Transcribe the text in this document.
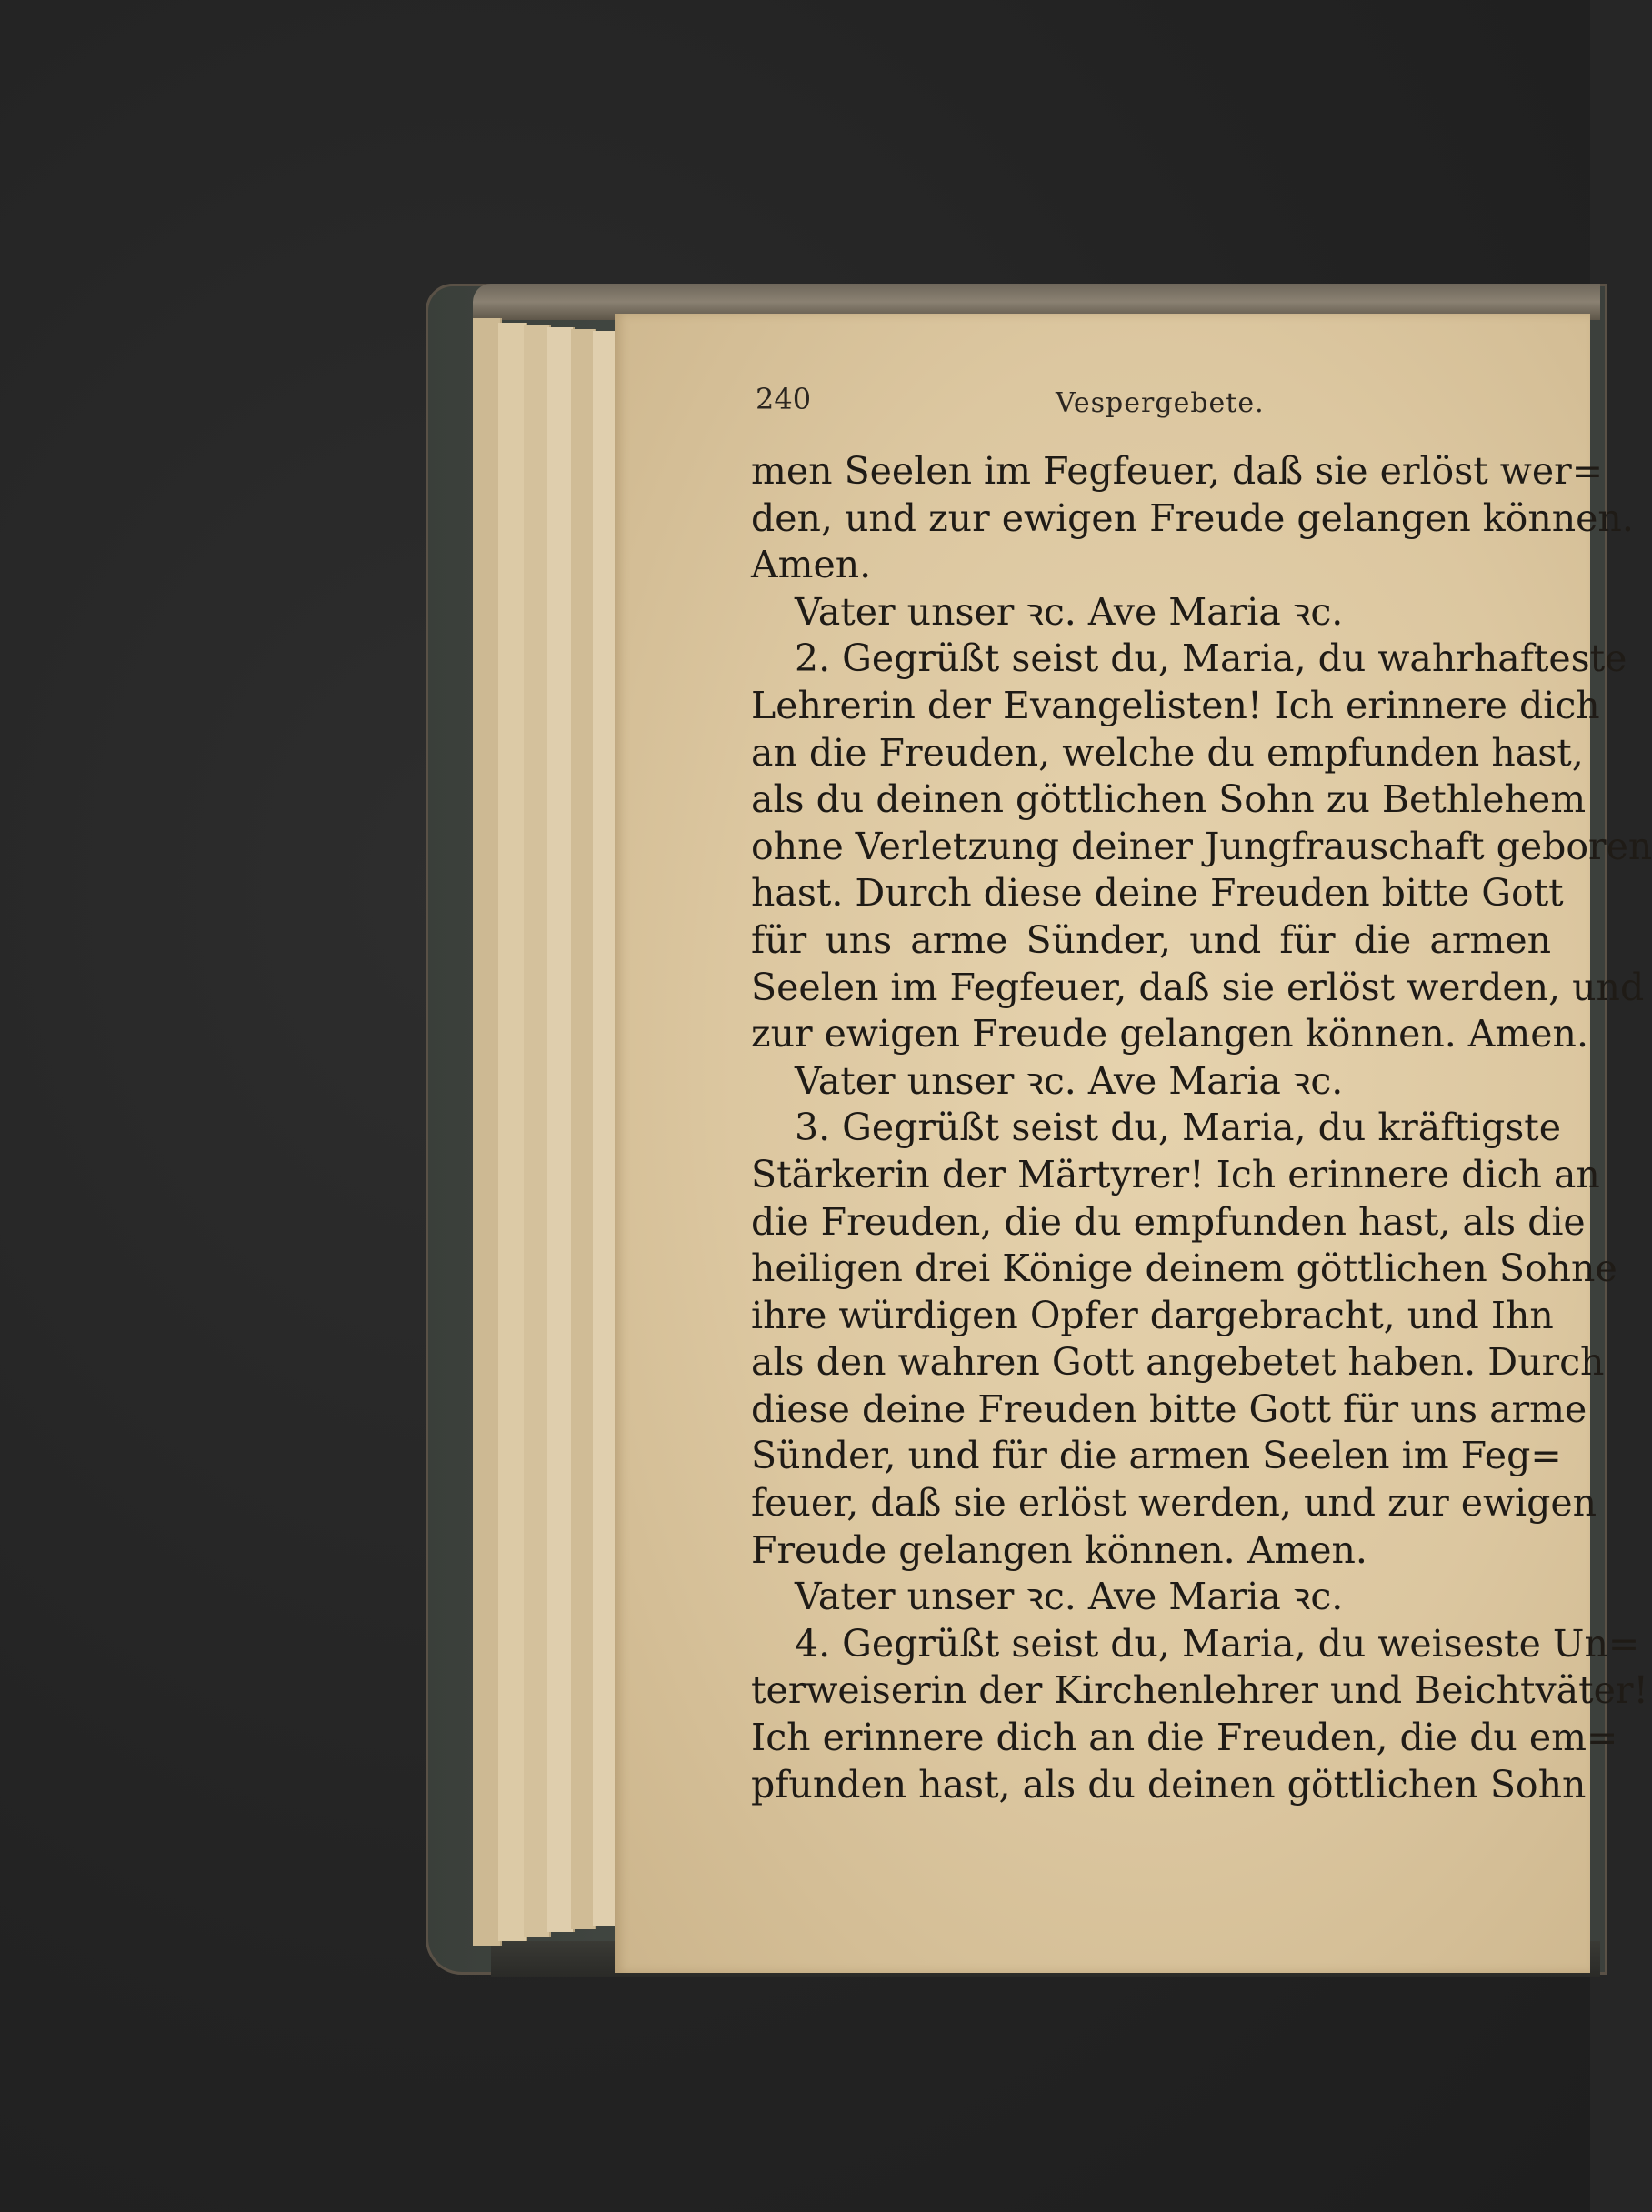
240	Vespergebete.
men Seelen im Fegfeuer, daß sie erlöst wer=
den, und zur ewigen Freude gelangen können.
Amen.
Vater unser ꝛc. Ave Maria ꝛc.
2. Gegrüßt seist du, Maria, du wahrhafteste
Lehrerin der Evangelisten! Ich erinnere dich
an die Freuden, welche du empfunden hast,
als du deinen göttlichen Sohn zu Bethlehem
ohne Verletzung deiner Jungfrauschaft geboren
hast. Durch diese deine Freuden bitte Gott
für uns arme Sünder, und für die armen
Seelen im Fegfeuer, daß sie erlöst werden, und
zur ewigen Freude gelangen können. Amen.
Vater unser ꝛc. Ave Maria ꝛc.
3. Gegrüßt seist du, Maria, du kräftigste
Stärkerin der Märtyrer! Ich erinnere dich an
die Freuden, die du empfunden hast, als die
heiligen drei Könige deinem göttlichen Sohne
ihre würdigen Opfer dargebracht, und Ihn
als den wahren Gott angebetet haben. Durch
diese deine Freuden bitte Gott für uns arme
Sünder, und für die armen Seelen im Feg=
feuer, daß sie erlöst werden, und zur ewigen
Freude gelangen können. Amen.
Vater unser ꝛc. Ave Maria ꝛc.
4. Gegrüßt seist du, Maria, du weiseste Un=
terweiserin der Kirchenlehrer und Beichtväter!
Ich erinnere dich an die Freuden, die du em=
pfunden hast, als du deinen göttlichen Sohn
